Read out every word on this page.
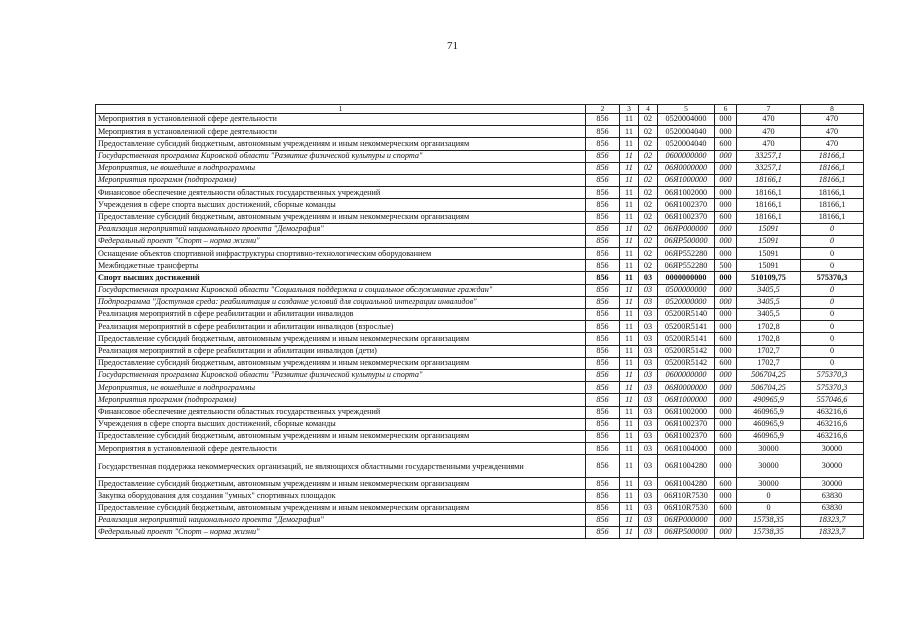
71
1	2	3	4	5	6	7	8
Мероприятия в установленной сфере деятельности	856	11	02	0520004000	000	470	470
Мероприятия в установленной сфере деятельности	856	11	02	0520004040	000	470	470
Предоставление субсидий бюджетным, автономным учреждениям и иным некоммерческим организациям	856	11	02	0520004040	600	470	470
Государственная программа Кировской области "Развитие физической культуры и спорта"	856	11	02	0600000000	000	33257,1	18166,1
Мероприятия, не вошедшие в подпрограммы	856	11	02	06Я0000000	000	33257,1	18166,1
Мероприятия программ (подпрограмм)	856	11	02	06Я1000000	000	18166,1	18166,1
Финансовое обеспечение деятельности областных государственных учреждений	856	11	02	06Я1002000	000	18166,1	18166,1
Учреждения в сфере спорта высших достижений, сборные команды	856	11	02	06Я1002370	000	18166,1	18166,1
Предоставление субсидий бюджетным, автономным учреждениям и иным некоммерческим организациям	856	11	02	06Я1002370	600	18166,1	18166,1
Реализация мероприятий национального проекта "Демография"	856	11	02	06ЯP000000	000	15091	0
Федеральный проект "Спорт – норма жизни"	856	11	02	06ЯP500000	000	15091	0
Оснащение объектов спортивной инфраструктуры спортивно-технологическим оборудованием	856	11	02	06ЯP552280	000	15091	0
Межбюджетные трансферты	856	11	02	06ЯP552280	500	15091	0
Спорт высших достижений	856	11	03	0000000000	000	510109,75	575370,3
Государственная программа Кировской области "Социальная поддержка и социальное обслуживание граждан"	856	11	03	0500000000	000	3405,5	0
Подпрограмма "Доступная среда: реабилитация и создание условий для социальной интеграции инвалидов"	856	11	03	0520000000	000	3405,5	0
Реализация мероприятий в сфере реабилитации и абилитации инвалидов	856	11	03	05200R5140	000	3405,5	0
Реализация мероприятий в сфере реабилитации и абилитации инвалидов (взрослые)	856	11	03	05200R5141	000	1702,8	0
Предоставление субсидий бюджетным, автономным учреждениям и иным некоммерческим организациям	856	11	03	05200R5141	600	1702,8	0
Реализация мероприятий в сфере реабилитации и абилитации инвалидов (дети)	856	11	03	05200R5142	000	1702,7	0
Предоставление субсидий бюджетным, автономным учреждениям и иным некоммерческим организациям	856	11	03	05200R5142	600	1702,7	0
Государственная программа Кировской области "Развитие физической культуры и спорта"	856	11	03	0600000000	000	506704,25	575370,3
Мероприятия, не вошедшие в подпрограммы	856	11	03	06Я0000000	000	506704,25	575370,3
Мероприятия программ (подпрограмм)	856	11	03	06Я1000000	000	490965,9	557046,6
Финансовое обеспечение деятельности областных государственных учреждений	856	11	03	06Я1002000	000	460965,9	463216,6
Учреждения в сфере спорта высших достижений, сборные команды	856	11	03	06Я1002370	000	460965,9	463216,6
Предоставление субсидий бюджетным, автономным учреждениям и иным некоммерческим организациям	856	11	03	06Я1002370	600	460965,9	463216,6
Мероприятия в установленной сфере деятельности	856	11	03	06Я1004000	000	30000	30000
Государственная поддержка некоммерческих организаций, не являющихся областными государственными учреждениями	856	11	03	06Я1004280	000	30000	30000
Предоставление субсидий бюджетным, автономным учреждениям и иным некоммерческим организациям	856	11	03	06Я1004280	600	30000	30000
Закупка оборудования для создания "умных" спортивных площадок	856	11	03	06Я10R7530	000	0	63830
Предоставление субсидий бюджетным, автономным учреждениям и иным некоммерческим организациям	856	11	03	06Я10R7530	600	0	63830
Реализация мероприятий национального проекта "Демография"	856	11	03	06ЯP000000	000	15738,35	18323,7
Федеральный проект "Спорт – норма жизни"	856	11	03	06ЯP500000	000	15738,35	18323,7
